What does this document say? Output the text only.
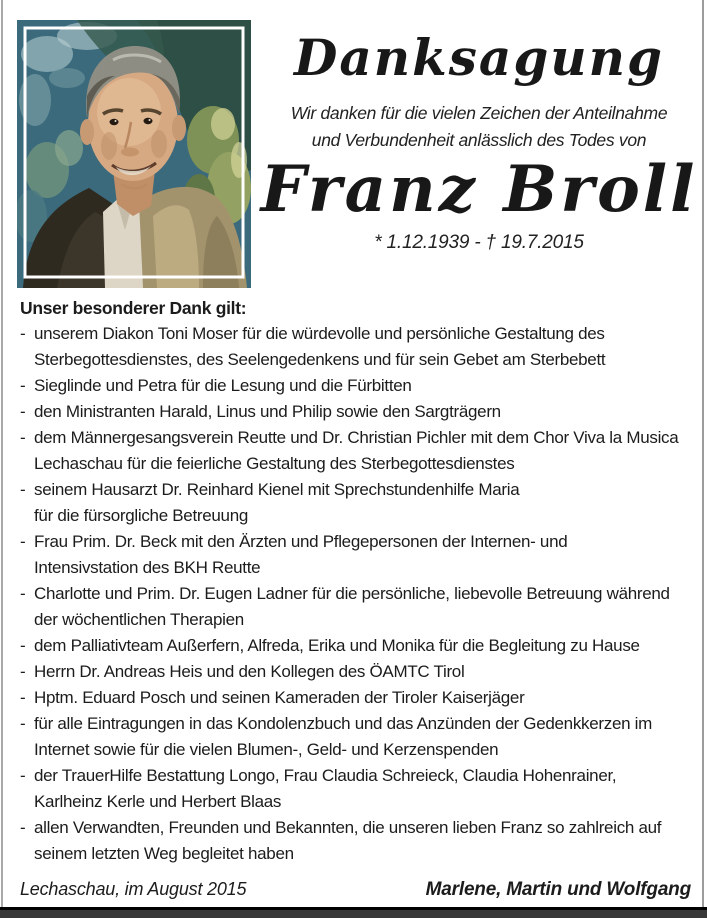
Danksagung
Wir danken für die vielen Zeichen der Anteilnahme
und Verbundenheit anlässlich des Todes von
Franz Broll
* 1.12.1939 - † 19.7.2015
Unser besonderer Dank gilt:
- unserem Diakon Toni Moser für die würdevolle und persönliche Gestaltung des
Sterbegottesdienstes, des Seelengedenkens und für sein Gebet am Sterbebett
- Sieglinde und Petra für die Lesung und die Fürbitten
- den Ministranten Harald, Linus und Philip sowie den Sargträgern
- dem Männergesangsverein Reutte und Dr. Christian Pichler mit dem Chor Viva la Musica
Lechaschau für die feierliche Gestaltung des Sterbegottesdienstes
- seinem Hausarzt Dr. Reinhard Kienel mit Sprechstundenhilfe Maria
für die fürsorgliche Betreuung
- Frau Prim. Dr. Beck mit den Ärzten und Pflegepersonen der Internen- und
Intensivstation des BKH Reutte
- Charlotte und Prim. Dr. Eugen Ladner für die persönliche, liebevolle Betreuung während
der wöchentlichen Therapien
- dem Palliativteam Außerfern, Alfreda, Erika und Monika für die Begleitung zu Hause
- Herrn Dr. Andreas Heis und den Kollegen des ÖAMTC Tirol
- Hptm. Eduard Posch und seinen Kameraden der Tiroler Kaiserjäger
- für alle Eintragungen in das Kondolenzbuch und das Anzünden der Gedenkkerzen im
Internet sowie für die vielen Blumen-, Geld- und Kerzenspenden
- der TrauerHilfe Bestattung Longo, Frau Claudia Schreieck, Claudia Hohenrainer,
Karlheinz Kerle und Herbert Blaas
- allen Verwandten, Freunden und Bekannten, die unseren lieben Franz so zahlreich auf
seinem letzten Weg begleitet haben
Lechaschau, im August 2015	Marlene, Martin und Wolfgang
